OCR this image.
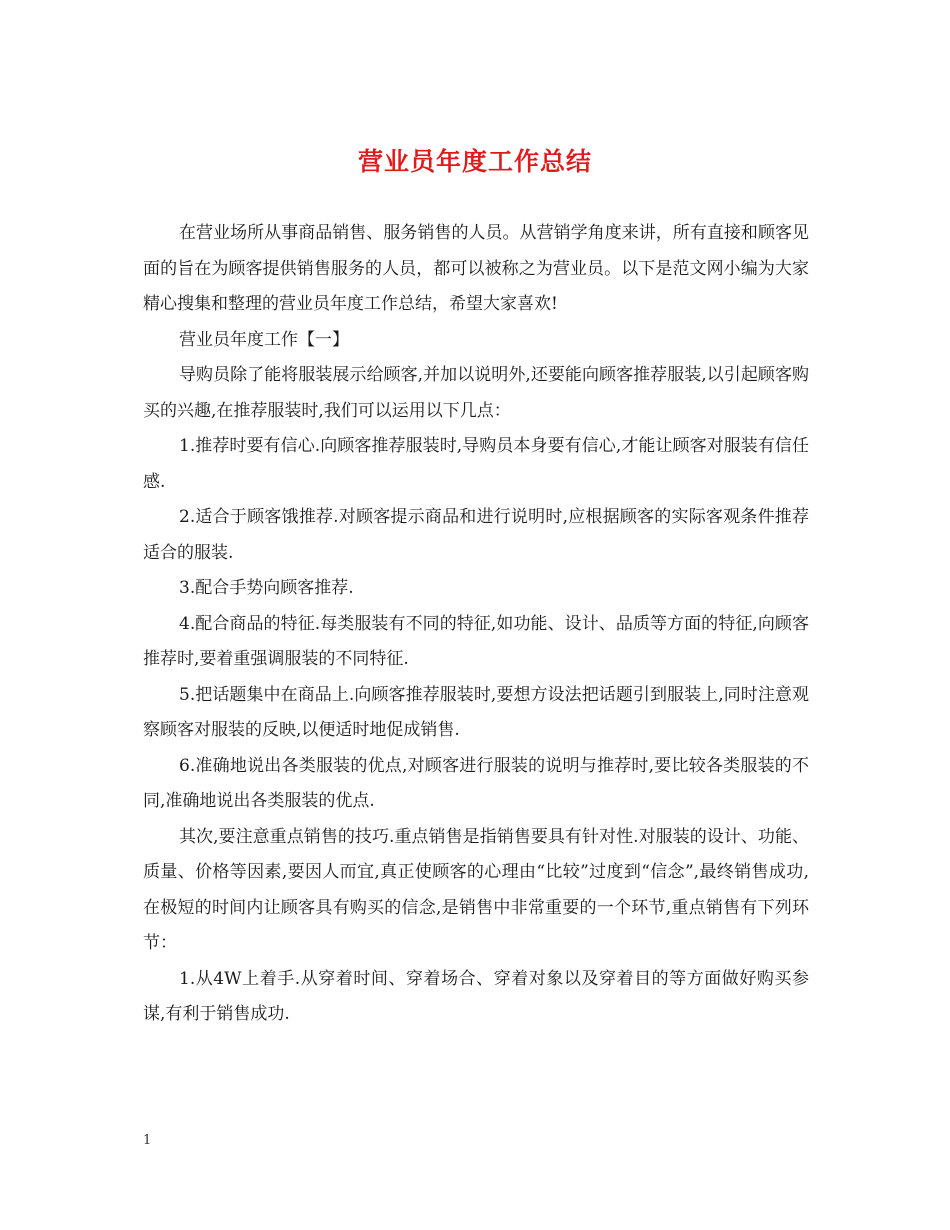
营业员年度工作总结

在营业场所从事商品销售、服务销售的人员。从营销学角度来讲，所有直接和顾客见面的旨在为顾客提供销售服务的人员，都可以被称之为营业员。以下是范文网小编为大家精心搜集和整理的营业员年度工作总结，希望大家喜欢!

营业员年度工作【一】

导购员除了能将服装展示给顾客,并加以说明外,还要能向顾客推荐服装,以引起顾客购买的兴趣,在推荐服装时,我们可以运用以下几点：

1.推荐时要有信心.向顾客推荐服装时,导购员本身要有信心,才能让顾客对服装有信任感.

2.适合于顾客饿推荐.对顾客提示商品和进行说明时,应根据顾客的实际客观条件推荐适合的服装.

3.配合手势向顾客推荐.

4.配合商品的特征.每类服装有不同的特征,如功能、设计、品质等方面的特征,向顾客推荐时,要着重强调服装的不同特征.

5.把话题集中在商品上.向顾客推荐服装时,要想方设法把话题引到服装上,同时注意观察顾客对服装的反映,以便适时地促成销售.

6.准确地说出各类服装的优点,对顾客进行服装的说明与推荐时,要比较各类服装的不同,准确地说出各类服装的优点.

其次,要注意重点销售的技巧.重点销售是指销售要具有针对性.对服装的设计、功能、质量、价格等因素,要因人而宜,真正使顾客的心理由“比较”过度到“信念”,最终销售成功,在极短的时间内让顾客具有购买的信念,是销售中非常重要的一个环节,重点销售有下列环节：

1.从4W上着手.从穿着时间、穿着场合、穿着对象以及穿着目的等方面做好购买参谋,有利于销售成功.

1
